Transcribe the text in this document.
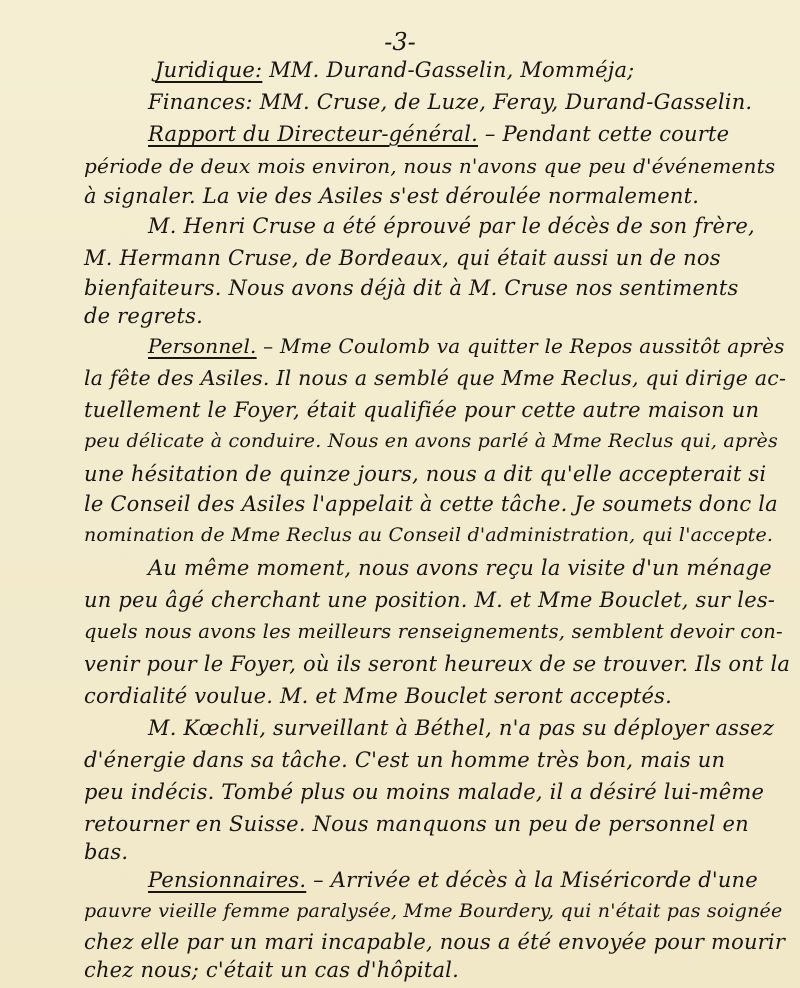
-3-
Juridique: MM. Durand-Gasselin, Momméja;
Finances: MM. Cruse, de Luze, Feray, Durand-Gasselin.
Rapport du Directeur-général. – Pendant cette courte
période de deux mois environ, nous n'avons que peu d'événements
à signaler. La vie des Asiles s'est déroulée normalement.
M. Henri Cruse a été éprouvé par le décès de son frère,
M. Hermann Cruse, de Bordeaux, qui était aussi un de nos
bienfaiteurs. Nous avons déjà dit à M. Cruse nos sentiments
de regrets.
Personnel. – Mme Coulomb va quitter le Repos aussitôt après
la fête des Asiles. Il nous a semblé que Mme Reclus, qui dirige ac-
tuellement le Foyer, était qualifiée pour cette autre maison un
peu délicate à conduire. Nous en avons parlé à Mme Reclus qui, après
une hésitation de quinze jours, nous a dit qu'elle accepterait si
le Conseil des Asiles l'appelait à cette tâche. Je soumets donc la
nomination de Mme Reclus au Conseil d'administration, qui l'accepte.
Au même moment, nous avons reçu la visite d'un ménage
un peu âgé cherchant une position. M. et Mme Bouclet, sur les-
quels nous avons les meilleurs renseignements, semblent devoir con-
venir pour le Foyer, où ils seront heureux de se trouver. Ils ont la
cordialité voulue. M. et Mme Bouclet seront acceptés.
M. Kœchli, surveillant à Béthel, n'a pas su déployer assez
d'énergie dans sa tâche. C'est un homme très bon, mais un
peu indécis. Tombé plus ou moins malade, il a désiré lui-même
retourner en Suisse. Nous manquons un peu de personnel en
bas.
Pensionnaires. – Arrivée et décès à la Miséricorde d'une
pauvre vieille femme paralysée, Mme Bourdery, qui n'était pas soignée
chez elle par un mari incapable, nous a été envoyée pour mourir
chez nous; c'était un cas d'hôpital.
